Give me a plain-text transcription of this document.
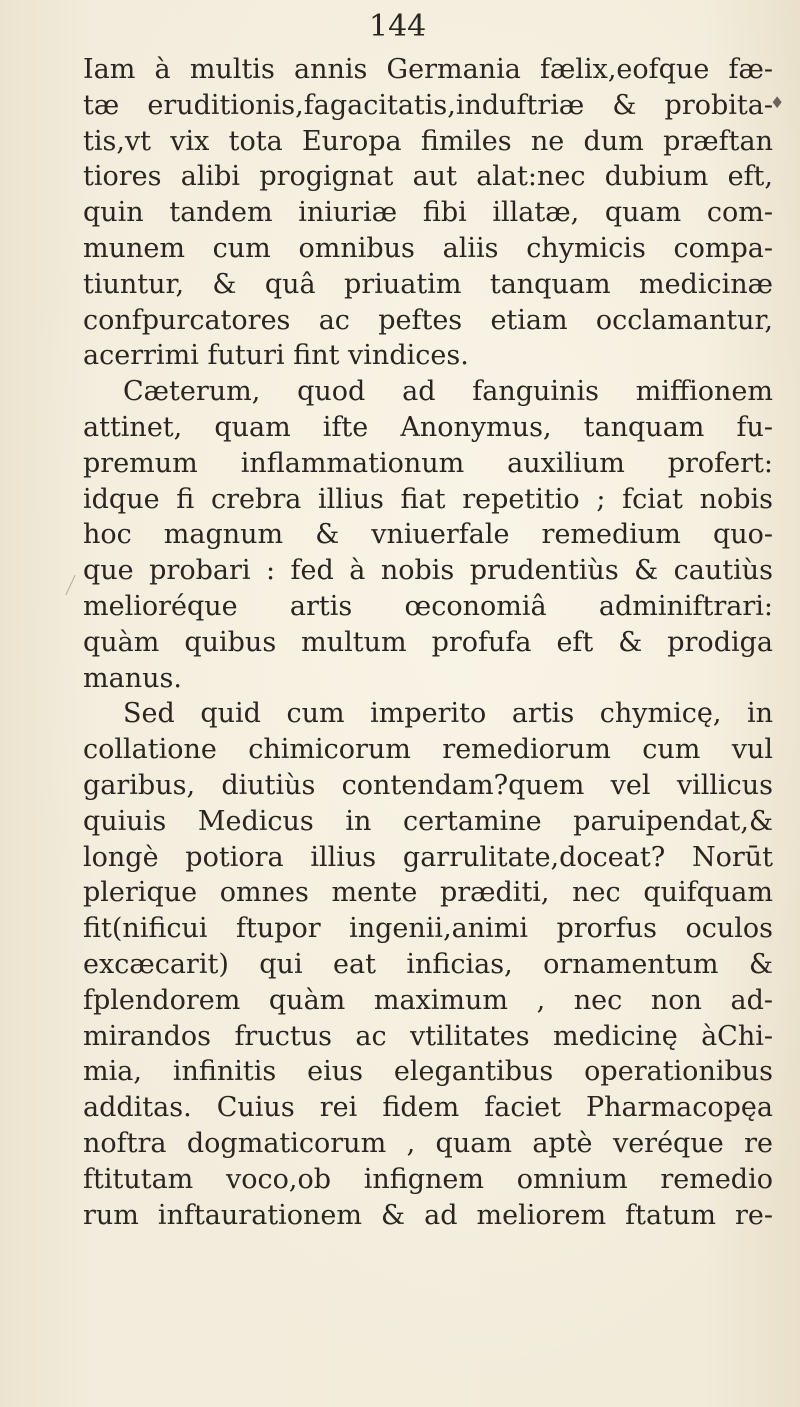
144
♦
Iam à multis annis Germania fælix,eofque fæ-
tæ eruditionis,fagacitatis,induftriæ & probita-
tis,vt vix tota Europa fimiles ne dum præftan
tiores alibi progignat aut alat:nec dubium eft,
quin tandem iniuriæ fibi illatæ, quam com-
munem cum omnibus aliis chymicis compa-
tiuntur, & quâ priuatim tanquam medicinæ
confpurcatores ac peftes etiam occlamantur,
acerrimi futuri fint vindices.
Cæterum, quod ad fanguinis miffionem
attinet, quam ifte Anonymus, tanquam fu-
premum inflammationum auxilium profert:
idque fi crebra illius fiat repetitio ; fciat nobis
hoc magnum & vniuerfale remedium quo-
que probari : fed à nobis prudentiùs & cautiùs
melioréque artis œconomiâ adminiftrari:
quàm quibus multum profufa eft & prodiga
manus.
Sed quid cum imperito artis chymicę, in
collatione chimicorum remediorum cum vul
garibus, diutiùs contendam?quem vel villicus
quiuis Medicus in certamine paruipendat,&
longè potiora illius garrulitate,doceat? Norūt
plerique omnes mente præditi, nec quifquam
fit(nificui ftupor ingenii,animi prorfus oculos
excæcarit) qui eat inficias, ornamentum &
fplendorem quàm maximum , nec non ad-
mirandos fructus ac vtilitates medicinę àChi-
mia, infinitis eius elegantibus operationibus
additas. Cuius rei fidem faciet Pharmacopęa
noftra dogmaticorum , quam aptè veréque re
ftitutam voco,ob infignem omnium remedio
rum inftaurationem & ad meliorem ftatum re-
